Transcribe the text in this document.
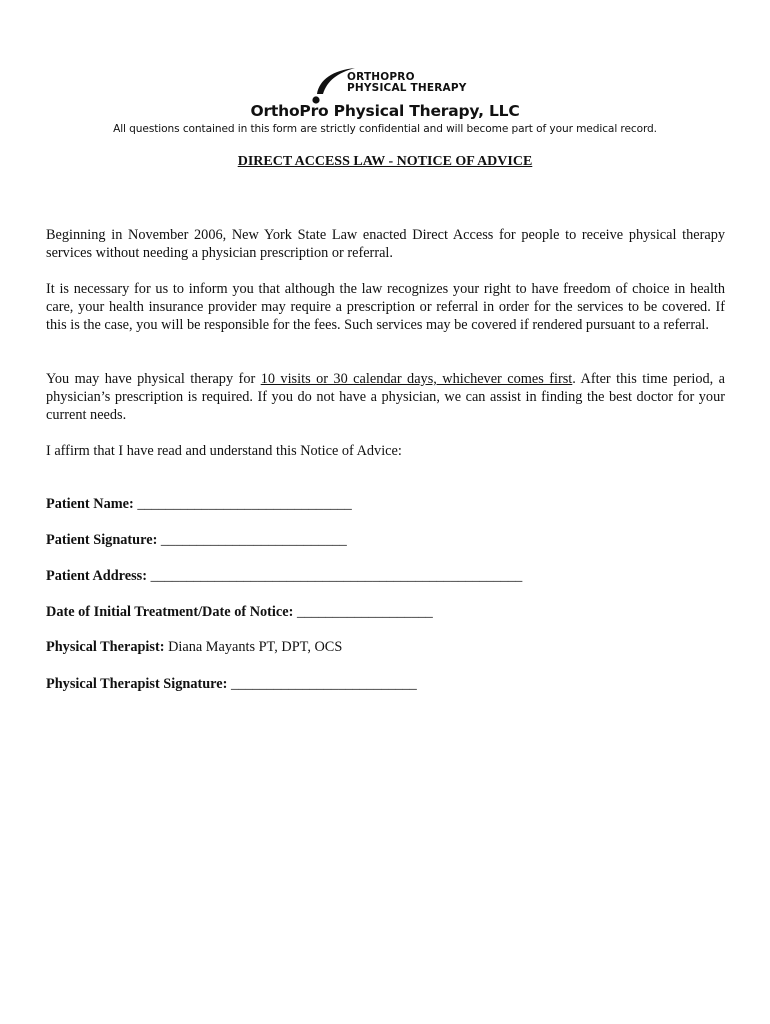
ORTHOPRO
PHYSICAL THERAPY
OrthoPro Physical Therapy, LLC
All questions contained in this form are strictly confidential and will become part of your medical record.
DIRECT ACCESS LAW - NOTICE OF ADVICE
Beginning in November 2006, New York State Law enacted Direct Access for people to receive physical therapy services without needing a physician prescription or referral.
It is necessary for us to inform you that although the law recognizes your right to have freedom of choice in health care, your health insurance provider may require a prescription or referral in order for the services to be covered. If this is the case, you will be responsible for the fees. Such services may be covered if rendered pursuant to a referral.
You may have physical therapy for 10 visits or 30 calendar days, whichever comes first. After this time period, a physician’s prescription is required. If you do not have a physician, we can assist in finding the best doctor for your current needs.
I affirm that I have read and understand this Notice of Advice:
Patient Name: ______________________________
Patient Signature: __________________________
Patient Address: ____________________________________________________
Date of Initial Treatment/Date of Notice: ___________________
Physical Therapist: Diana Mayants PT, DPT, OCS
Physical Therapist Signature: __________________________
